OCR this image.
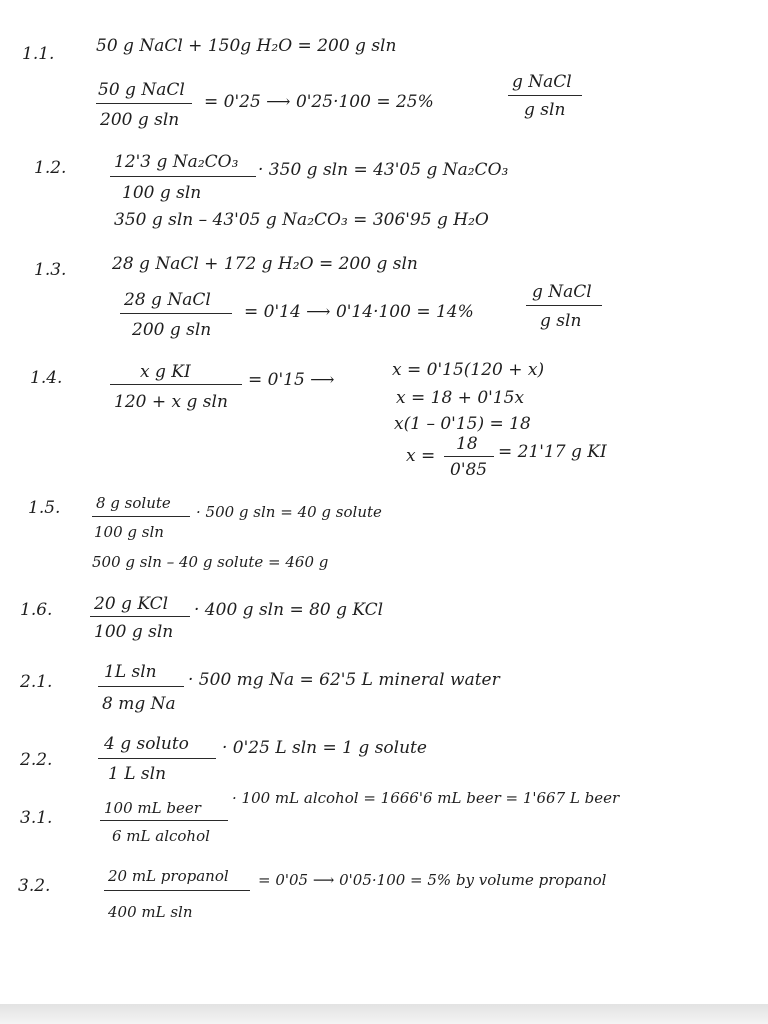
1.1. 50 g NaCl + 150g H₂O = 200 g sln
50 g NaCl
200 g sln
= 0'25 ⟶ 0'25·100 = 25%
g NaCl
g sln
1.2.	12'3 g Na₂CO₃
100 g sln
· 350 g sln = 43'05 g Na₂CO₃
350 g sln – 43'05 g Na₂CO₃ = 306'95 g H₂O
1.3.	28 g NaCl + 172 g H₂O = 200 g sln
28 g NaCl
200 g sln
= 0'14 ⟶ 0'14·100 = 14%
g NaCl
g sln
1.4.	x g KI
120 + x g sln
= 0'15 ⟶	x = 0'15(120 + x)
x = 18 + 0'15x
x(1 – 0'15) = 18
x =
18
0'85
= 21'17 g KI
1.5. 8 g solute
100 g sln
· 500 g sln = 40 g solute
500 g sln – 40 g solute = 460 g
1.6. 20 g KCl
100 g sln
· 400 g sln = 80 g KCl
2.1.	1L sln
8 mg Na
· 500 mg Na = 62'5 L mineral water
2.2.
4 g soluto
1 L sln
· 0'25 L sln = 1 g solute
3.1.	100 mL beer
6 mL alcohol
· 100 mL alcohol = 1666'6 mL beer = 1'667 L beer
3.2.	20 mL propanol
400 mL sln
= 0'05 ⟶ 0'05·100 = 5% by volume propanol
